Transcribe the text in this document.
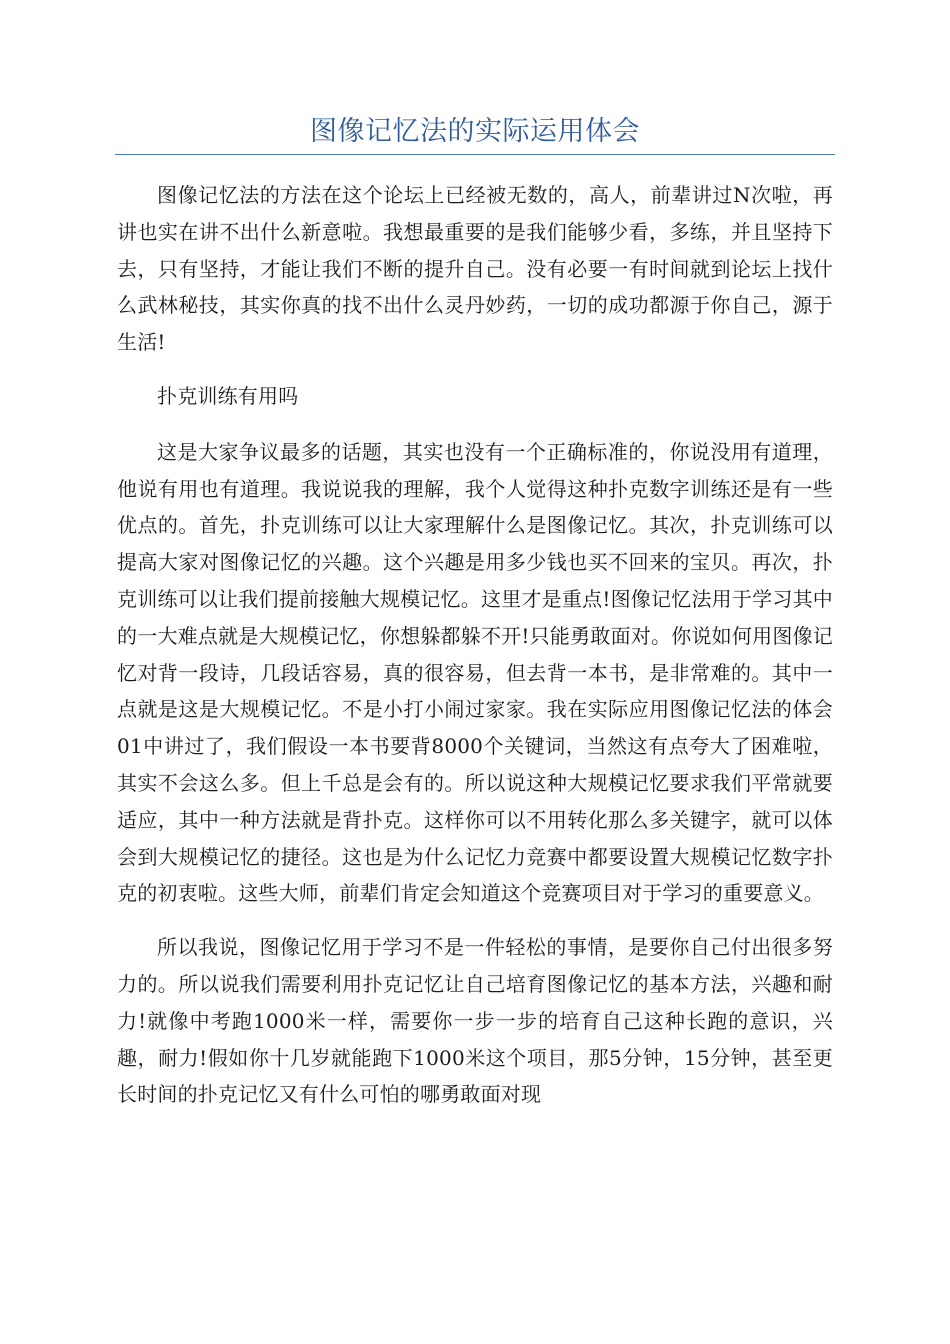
图像记忆法的实际运用体会

图像记忆法的方法在这个论坛上已经被无数的，高人，前辈讲过N次啦，再讲也实在讲不出什么新意啦。我想最重要的是我们能够少看，多练，并且坚持下去，只有坚持，才能让我们不断的提升自己。没有必要一有时间就到论坛上找什么武林秘技，其实你真的找不出什么灵丹妙药，一切的成功都源于你自己，源于生活!

扑克训练有用吗

这是大家争议最多的话题，其实也没有一个正确标准的，你说没用有道理，他说有用也有道理。我说说我的理解，我个人觉得这种扑克数字训练还是有一些优点的。首先，扑克训练可以让大家理解什么是图像记忆。其次，扑克训练可以提高大家对图像记忆的兴趣。这个兴趣是用多少钱也买不回来的宝贝。再次，扑克训练可以让我们提前接触大规模记忆。这里才是重点!图像记忆法用于学习其中的一大难点就是大规模记忆，你想躲都躲不开!只能勇敢面对。你说如何用图像记忆对背一段诗，几段话容易，真的很容易，但去背一本书，是非常难的。其中一点就是这是大规模记忆。不是小打小闹过家家。我在实际应用图像记忆法的体会01中讲过了，我们假设一本书要背8000个关键词，当然这有点夸大了困难啦，其实不会这么多。但上千总是会有的。所以说这种大规模记忆要求我们平常就要适应，其中一种方法就是背扑克。这样你可以不用转化那么多关键字，就可以体会到大规模记忆的捷径。这也是为什么记忆力竞赛中都要设置大规模记忆数字扑克的初衷啦。这些大师，前辈们肯定会知道这个竞赛项目对于学习的重要意义。

所以我说，图像记忆用于学习不是一件轻松的事情，是要你自己付出很多努力的。所以说我们需要利用扑克记忆让自己培育图像记忆的基本方法，兴趣和耐力!就像中考跑1000米一样，需要你一步一步的培育自己这种长跑的意识，兴趣，耐力!假如你十几岁就能跑下1000米这个项目，那5分钟，15分钟，甚至更长时间的扑克记忆又有什么可怕的哪勇敢面对现
